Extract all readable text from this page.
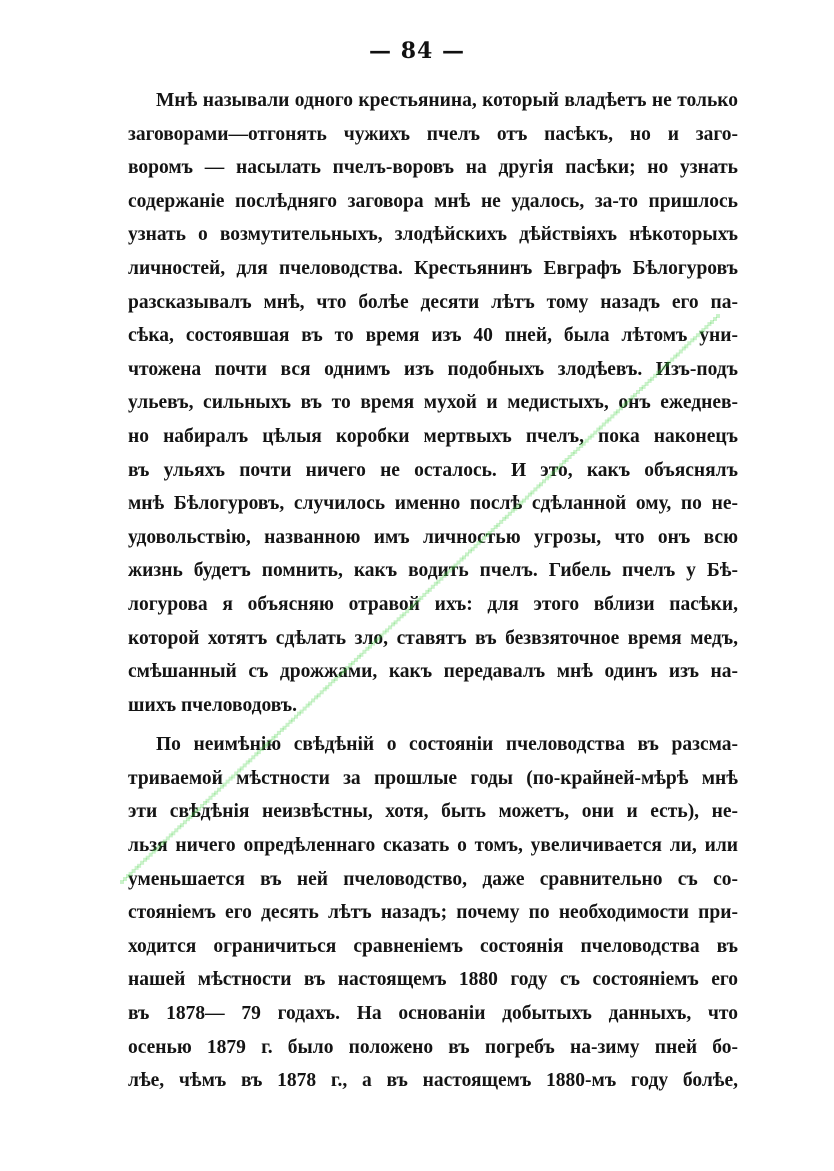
— 84 —
Мнѣ называли одного крестьянина, который владѣетъ не только
заговорами—отгонять чужихъ пчелъ отъ пасѣкъ, но и заго-
воромъ — насылать пчелъ-воровъ на другія пасѣки; но узнать
содержаніе послѣдняго заговора мнѣ не удалось, за-то пришлось
узнать о возмутительныхъ, злодѣйскихъ дѣйствіяхъ нѣкоторыхъ
личностей, для пчеловодства. Крестьянинъ Евграфъ Бѣлогуровъ
разсказывалъ мнѣ, что болѣе десяти лѣтъ тому назадъ его па-
сѣка, состоявшая въ то время изъ 40 пней, была лѣтомъ уни-
чтожена почти вся однимъ изъ подобныхъ злодѣевъ. Изъ-подъ
ульевъ, сильныхъ въ то время мухой и медистыхъ, онъ ежеднев-
но набиралъ цѣлыя коробки мертвыхъ пчелъ, пока наконецъ
въ ульяхъ почти ничего не осталось. И это, какъ объяснялъ
мнѣ Бѣлогуровъ, случилось именно послѣ сдѣланной ому, по не-
удовольствію, названною имъ личностью угрозы, что онъ всю
жизнь будетъ помнить, какъ водить пчелъ. Гибель пчелъ у Бѣ-
логурова я объясняю отравой ихъ: для этого вблизи пасѣки,
которой хотятъ сдѣлать зло, ставятъ въ безвзяточное время медъ,
смѣшанный съ дрожжами, какъ передавалъ мнѣ одинъ изъ на-
шихъ пчеловодовъ.
По неимѣнію свѣдѣній о состояніи пчеловодства въ разсма-
триваемой мѣстности за прошлые годы (по-крайней-мѣрѣ мнѣ
эти свѣдѣнія неизвѣстны, хотя, быть можетъ, они и есть), не-
льзя ничего опредѣленнаго сказать о томъ, увеличивается ли, или
уменьшается въ ней пчеловодство, даже сравнительно съ со-
стояніемъ его десять лѣтъ назадъ; почему по необходимости при-
ходится ограничиться сравненіемъ состоянія пчеловодства въ
нашей мѣстности въ настоящемъ 1880 году съ состояніемъ его
въ 1878— 79 годахъ. На основаніи добытыхъ данныхъ, что
осенью 1879 г. было положено въ погребъ на-зиму пней бо-
лѣе, чѣмъ въ 1878 г., а въ настоящемъ 1880-мъ году болѣе,
